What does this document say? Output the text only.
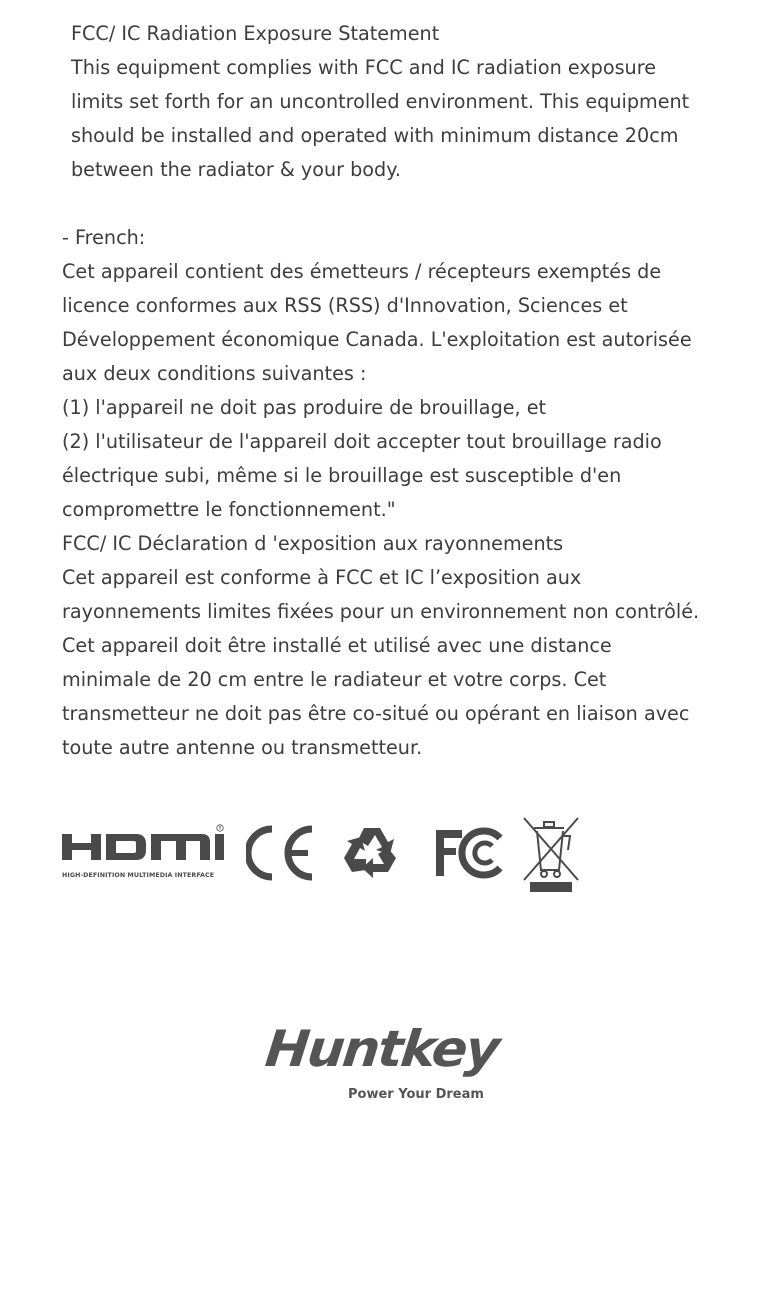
FCC/ IC Radiation Exposure Statement
This equipment complies with FCC and IC radiation exposure
limits set forth for an uncontrolled environment. This equipment
should be installed and operated with minimum distance 20cm
between the radiator & your body.
- French:
Cet appareil contient des émetteurs / récepteurs exemptés de
licence conformes aux RSS (RSS) d'Innovation, Sciences et
Développement économique Canada. L'exploitation est autorisée
aux deux conditions suivantes :
(1) l'appareil ne doit pas produire de brouillage, et
(2) l'utilisateur de l'appareil doit accepter tout brouillage radio
électrique subi, même si le brouillage est susceptible d'en
compromettre le fonctionnement."
FCC/ IC Déclaration d 'exposition aux rayonnements
Cet appareil est conforme à FCC et IC l’exposition aux
rayonnements limites fixées pour un environnement non contrôlé.
Cet appareil doit être installé et utilisé avec une distance
minimale de 20 cm entre le radiateur et votre corps. Cet
transmetteur ne doit pas être co-situé ou opérant en liaison avec
toute autre antenne ou transmetteur.
R
HIGH-DEFINITION MULTIMEDIA INTERFACE
Huntkey
Power Your Dream
